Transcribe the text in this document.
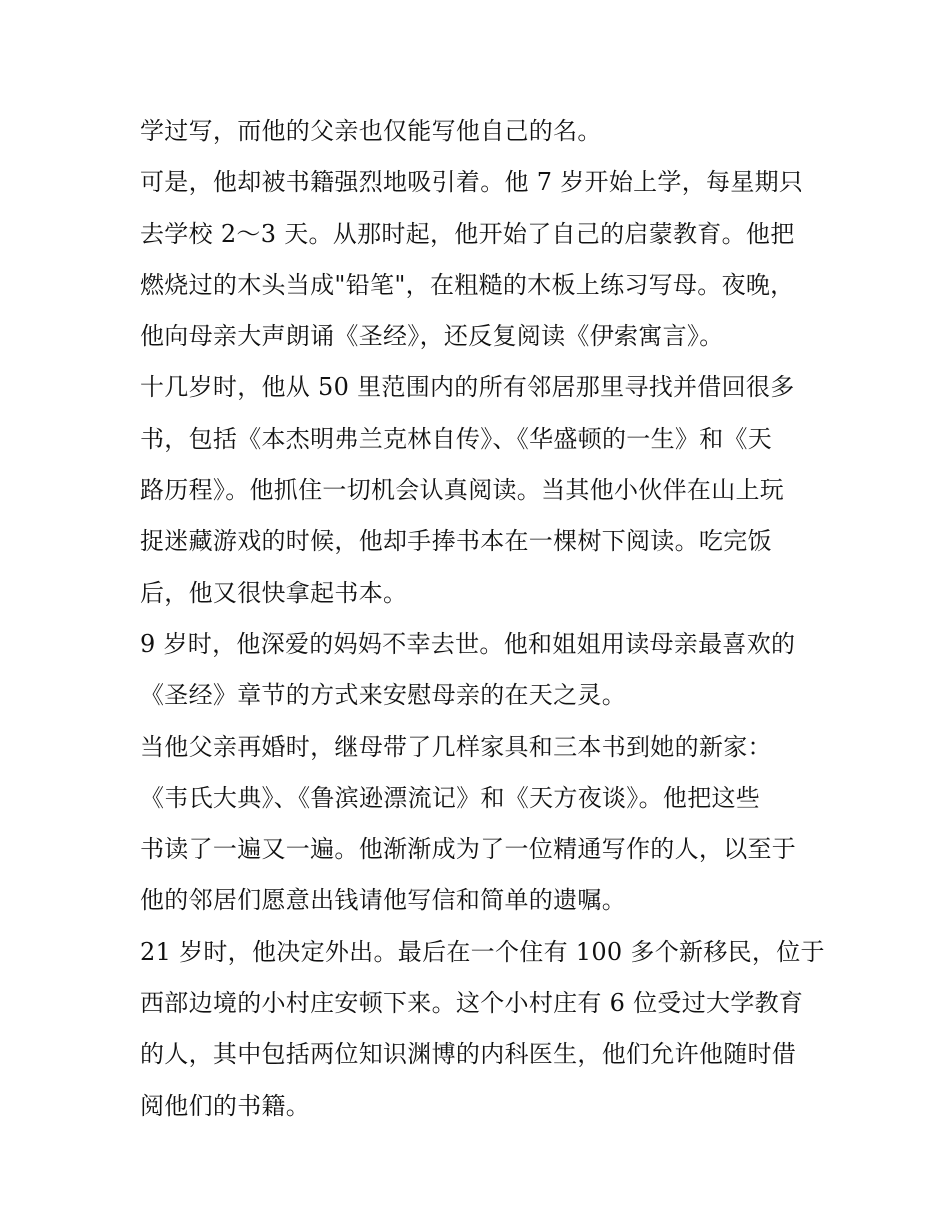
学过写，而他的父亲也仅能写他自己的名。
可是，他却被书籍强烈地吸引着。他 7 岁开始上学，每星期只
去学校 2～3 天。从那时起，他开始了自己的启蒙教育。他把
燃烧过的木头当成"铅笔"，在粗糙的木板上练习写母。夜晚，
他向母亲大声朗诵《圣经》，还反复阅读《伊索寓言》。
十几岁时，他从 50 里范围内的所有邻居那里寻找并借回很多
书，包括《本杰明弗兰克林自传》、《华盛顿的一生》和《天
路历程》。他抓住一切机会认真阅读。当其他小伙伴在山上玩
捉迷藏游戏的时候，他却手捧书本在一棵树下阅读。吃完饭
后，他又很快拿起书本。
9 岁时，他深爱的妈妈不幸去世。他和姐姐用读母亲最喜欢的
《圣经》章节的方式来安慰母亲的在天之灵。
当他父亲再婚时，继母带了几样家具和三本书到她的新家：
《韦氏大典》、《鲁滨逊漂流记》和《天方夜谈》。他把这些
书读了一遍又一遍。他渐渐成为了一位精通写作的人，以至于
他的邻居们愿意出钱请他写信和简单的遗嘱。
21 岁时，他决定外出。最后在一个住有 100 多个新移民，位于
西部边境的小村庄安顿下来。这个小村庄有 6 位受过大学教育
的人，其中包括两位知识渊博的内科医生，他们允许他随时借
阅他们的书籍。
